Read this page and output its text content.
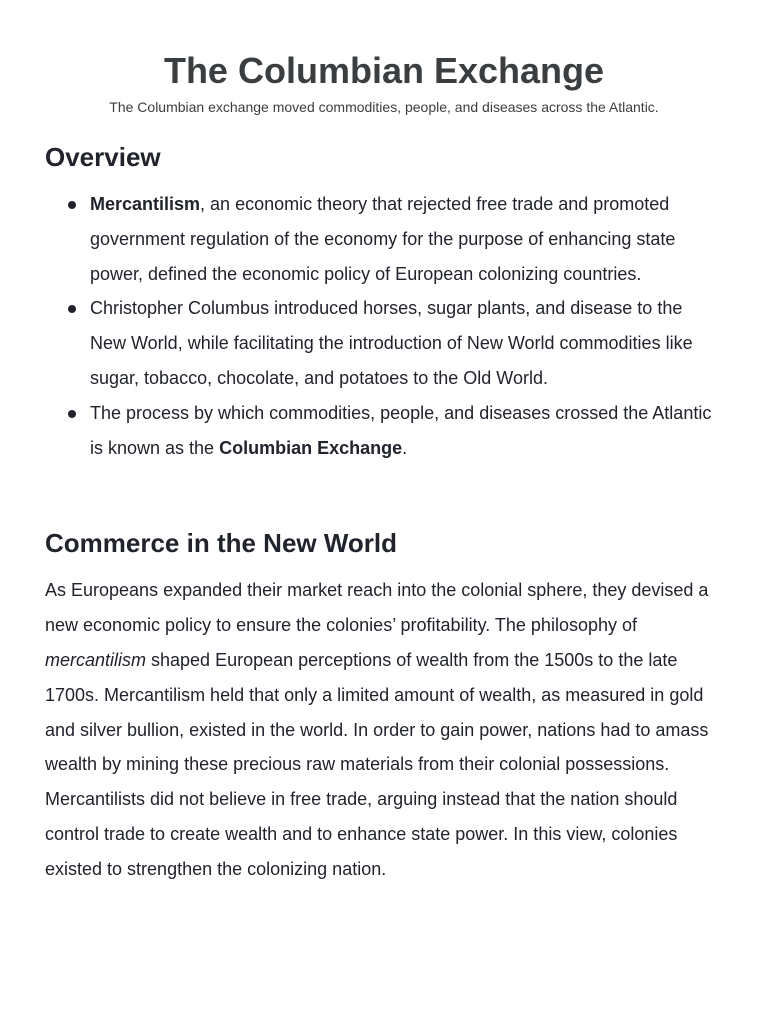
The Columbian Exchange

The Columbian exchange moved commodities, people, and diseases across the Atlantic.

Overview
Mercantilism, an economic theory that rejected free trade and promoted government regulation of the economy for the purpose of enhancing state power, defined the economic policy of European colonizing countries.
Christopher Columbus introduced horses, sugar plants, and disease to the New World, while facilitating the introduction of New World commodities like sugar, tobacco, chocolate, and potatoes to the Old World.
The process by which commodities, people, and diseases crossed the Atlantic is known as the Columbian Exchange.
Commerce in the New World

As Europeans expanded their market reach into the colonial sphere, they devised a new economic policy to ensure the colonies’ profitability. The philosophy of mercantilism shaped European perceptions of wealth from the 1500s to the late 1700s. Mercantilism held that only a limited amount of wealth, as measured in gold and silver bullion, existed in the world. In order to gain power, nations had to amass wealth by mining these precious raw materials from their colonial possessions. Mercantilists did not believe in free trade, arguing instead that the nation should control trade to create wealth and to enhance state power. In this view, colonies existed to strengthen the colonizing nation.
